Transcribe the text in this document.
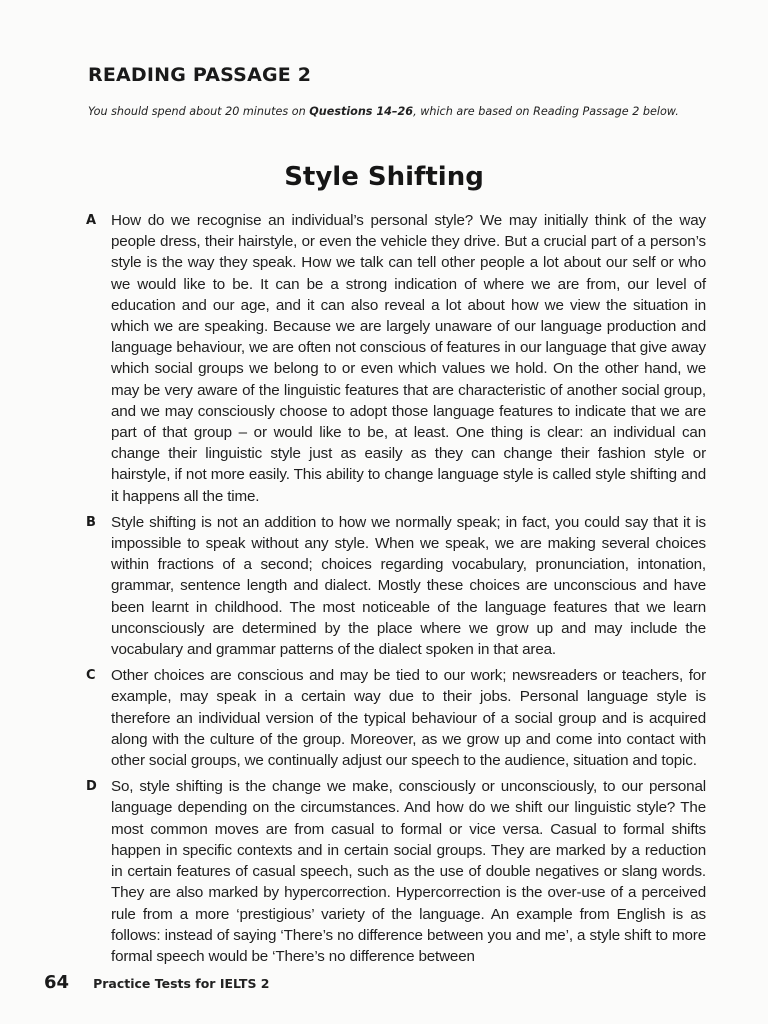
READING PASSAGE 2
You should spend about 20 minutes on Questions 14–26, which are based on Reading Passage 2 below.
Style Shifting
A How do we recognise an individual’s personal style? We may initially think of the way people dress, their hairstyle, or even the vehicle they drive. But a crucial part of a person’s style is the way they speak. How we talk can tell other people a lot about our self or who we would like to be. It can be a strong indication of where we are from, our level of education and our age, and it can also reveal a lot about how we view the situation in which we are speaking. Because we are largely unaware of our language production and language behaviour, we are often not conscious of features in our language that give away which social groups we belong to or even which values we hold. On the other hand, we may be very aware of the linguistic features that are characteristic of another social group, and we may consciously choose to adopt those language features to indicate that we are part of that group – or would like to be, at least. One thing is clear: an individual can change their linguistic style just as easily as they can change their fashion style or hairstyle, if not more easily. This ability to change language style is called style shifting and it happens all the time.
B Style shifting is not an addition to how we normally speak; in fact, you could say that it is impossible to speak without any style. When we speak, we are making several choices within fractions of a second; choices regarding vocabulary, pronunciation, intonation, grammar, sentence length and dialect. Mostly these choices are unconscious and have been learnt in childhood. The most noticeable of the language features that we learn unconsciously are determined by the place where we grow up and may include the vocabulary and grammar patterns of the dialect spoken in that area.
C	Other choices are conscious and may be tied to our work; newsreaders or teachers, for example, may speak in a certain way due to their jobs. Personal language style is therefore an individual version of the typical behaviour of a social group and is acquired along with the culture of the group. Moreover, as we grow up and come into contact with other social groups, we continually adjust our speech to the audience, situation and topic.
D So, style shifting is the change we make, consciously or unconsciously, to our personal language depending on the circumstances. And how do we shift our linguistic style? The most common moves are from casual to formal or vice versa. Casual to formal shifts happen in specific contexts and in certain social groups. They are marked by a reduction in certain features of casual speech, such as the use of double negatives or slang words. They are also marked by hypercorrection. Hypercorrection is the over-use of a perceived rule from a more ‘prestigious’ variety of the language. An example from English is as follows: instead of saying ‘There’s no difference between you and me’, a style shift to more formal speech would be ‘There’s no difference between
64 Practice Tests for IELTS 2
